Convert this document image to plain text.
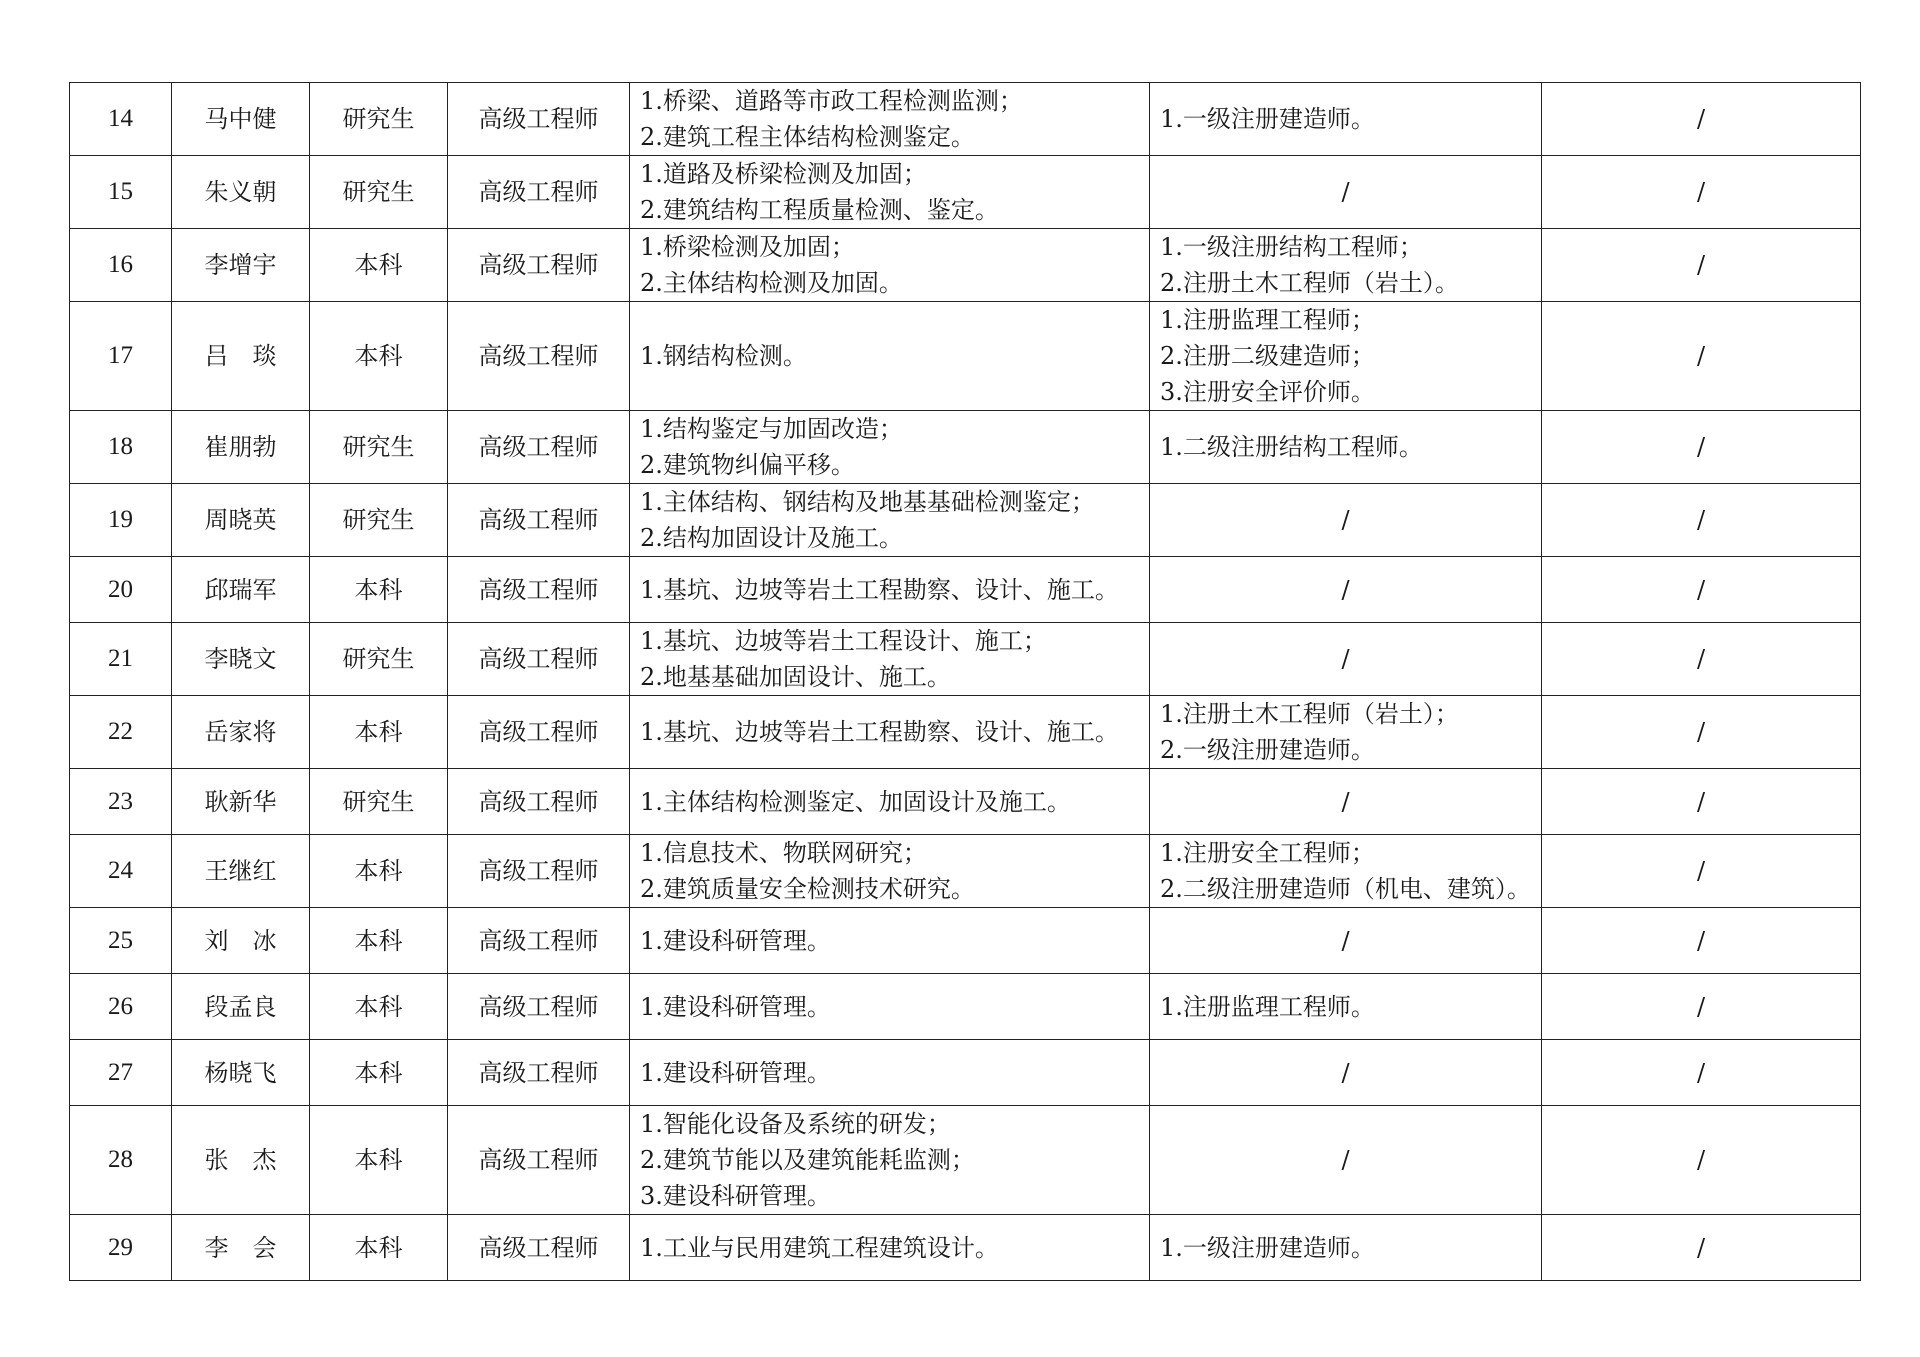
14	马中健	研究生	高级工程师	1.桥梁、道路等市政工程检测监测；
2.建筑工程主体结构检测鉴定。	1.一级注册建造师。	/
15	朱义朝	研究生	高级工程师	1.道路及桥梁检测及加固；
2.建筑结构工程质量检测、鉴定。	/	/
16	李增宇	本科	高级工程师	1.桥梁检测及加固；
2.主体结构检测及加固。	1.一级注册结构工程师；
2.注册土木工程师（岩土）。	/
17	吕　琰	本科	高级工程师	1.钢结构检测。	1.注册监理工程师；
2.注册二级建造师；
3.注册安全评价师。	/
18	崔朋勃	研究生	高级工程师	1.结构鉴定与加固改造；
2.建筑物纠偏平移。	1.二级注册结构工程师。	/
19	周晓英	研究生	高级工程师	1.主体结构、钢结构及地基基础检测鉴定；
2.结构加固设计及施工。	/	/
20	邱瑞军	本科	高级工程师	1.基坑、边坡等岩土工程勘察、设计、施工。	/	/
21	李晓文	研究生	高级工程师	1.基坑、边坡等岩土工程设计、施工；
2.地基基础加固设计、施工。	/	/
22	岳家将	本科	高级工程师	1.基坑、边坡等岩土工程勘察、设计、施工。	1.注册土木工程师（岩土）；
2.一级注册建造师。	/
23	耿新华	研究生	高级工程师	1.主体结构检测鉴定、加固设计及施工。	/	/
24	王继红	本科	高级工程师	1.信息技术、物联网研究；
2.建筑质量安全检测技术研究。	1.注册安全工程师；
2.二级注册建造师（机电、建筑）。	/
25	刘　冰	本科	高级工程师	1.建设科研管理。	/	/
26	段孟良	本科	高级工程师	1.建设科研管理。	1.注册监理工程师。	/
27	杨晓飞	本科	高级工程师	1.建设科研管理。	/	/
28	张　杰	本科	高级工程师	1.智能化设备及系统的研发；
2.建筑节能以及建筑能耗监测；
3.建设科研管理。	/	/
29	李　会	本科	高级工程师	1.工业与民用建筑工程建筑设计。	1.一级注册建造师。	/
